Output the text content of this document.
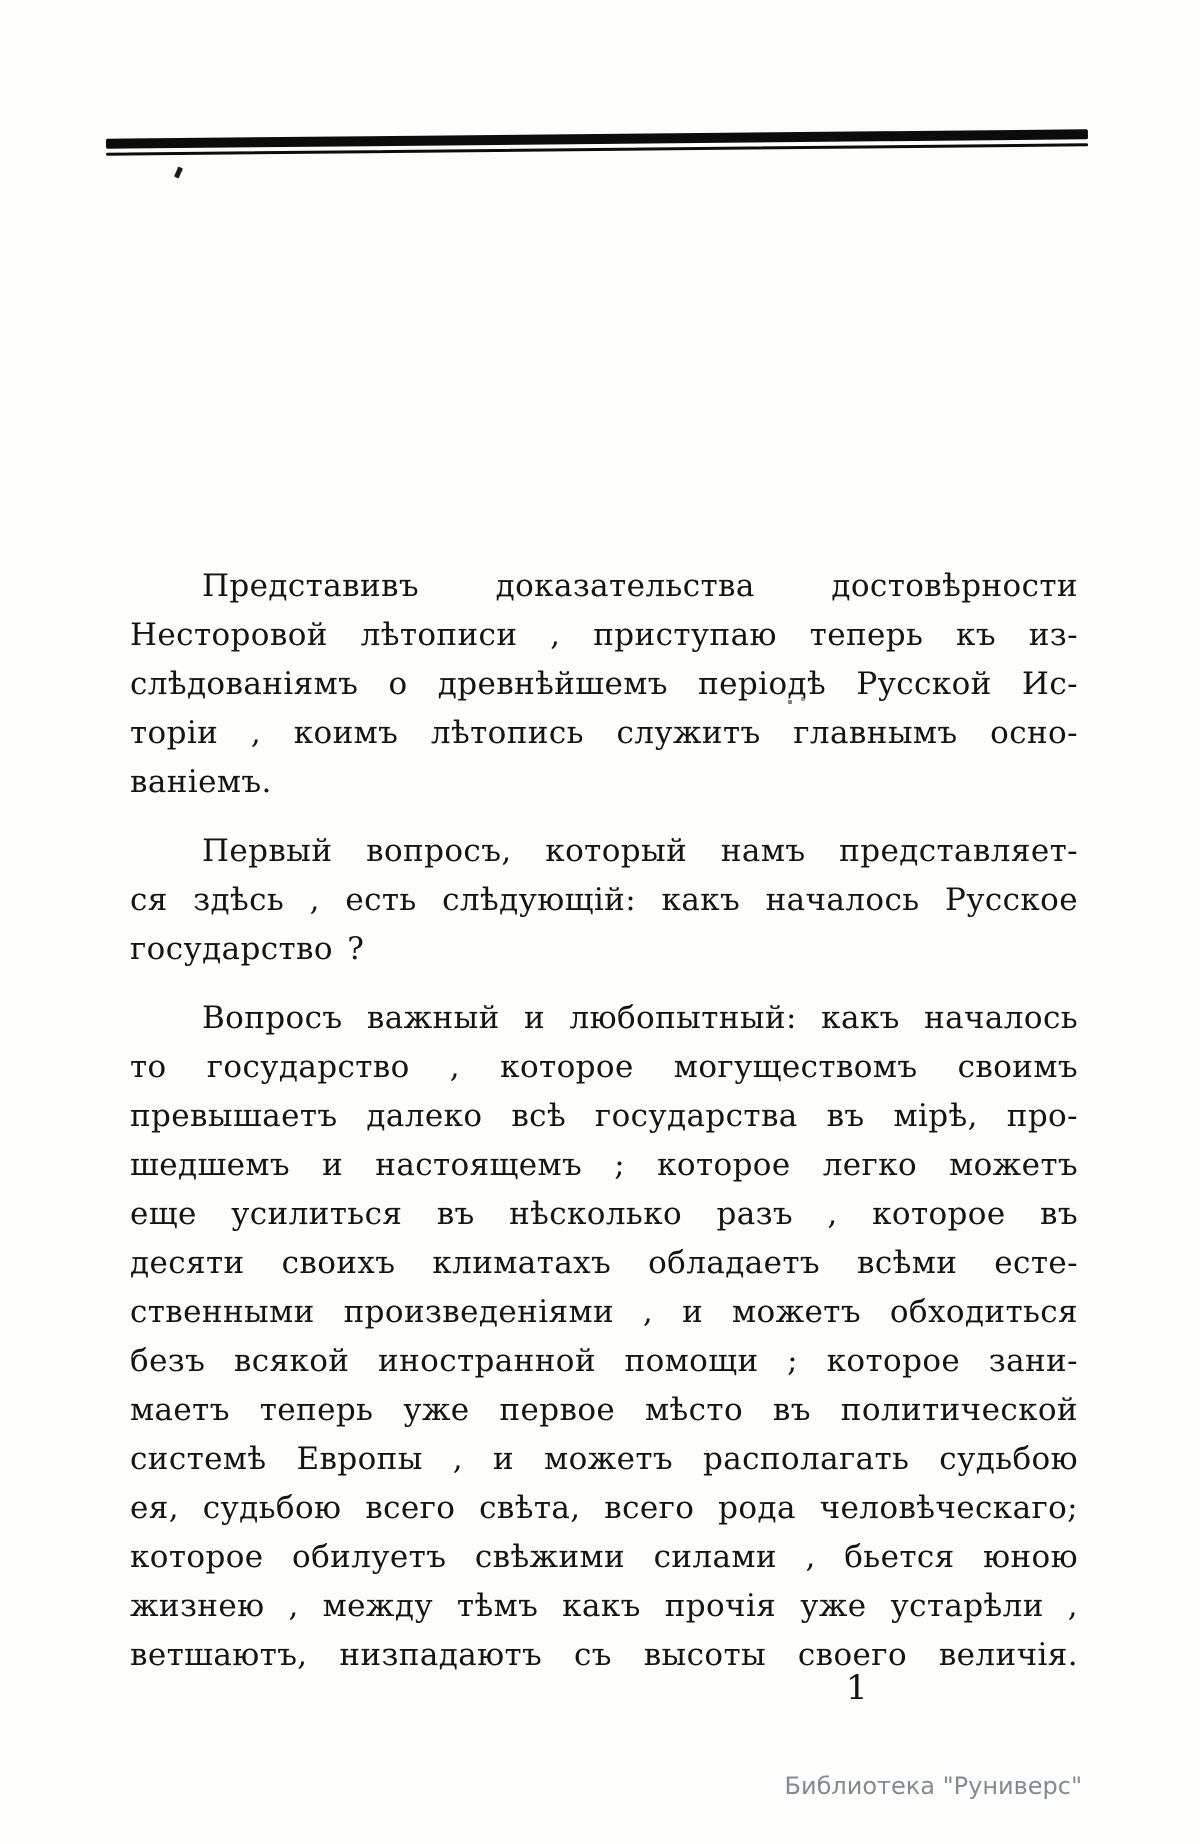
Представивъ доказательства достовѣрности
Несторовой лѣтописи , приступаю теперь къ из-
слѣдованіямъ о древнѣйшемъ періодѣ Русской Ис-
торіи , коимъ лѣтопись служитъ главнымъ осно-
ваніемъ.
Первый вопросъ, который намъ представляет-
ся здѣсь , есть слѣдующій: какъ началось Русское
государство ?
Вопросъ важный и любопытный: какъ началось
то государство , которое могуществомъ своимъ
превышаетъ далеко всѣ государства въ мірѣ, про-
шедшемъ и настоящемъ ; которое легко можетъ
еще усилиться въ нѣсколько разъ , которое въ
десяти своихъ климатахъ обладаетъ всѣми есте-
ственными произведеніями , и можетъ обходиться
безъ всякой иностранной помощи ; которое зани-
маетъ теперь уже первое мѣсто въ политической
системѣ Европы , и можетъ располагать судьбою
ея, судьбою всего свѣта, всего рода человѣческаго;
которое обилуетъ свѣжими силами , бьется юною
жизнею , между тѣмъ какъ прочія уже устарѣли ,
ветшаютъ, низпадаютъ съ высоты своего величія.
1
Библиотека "Руниверс"
